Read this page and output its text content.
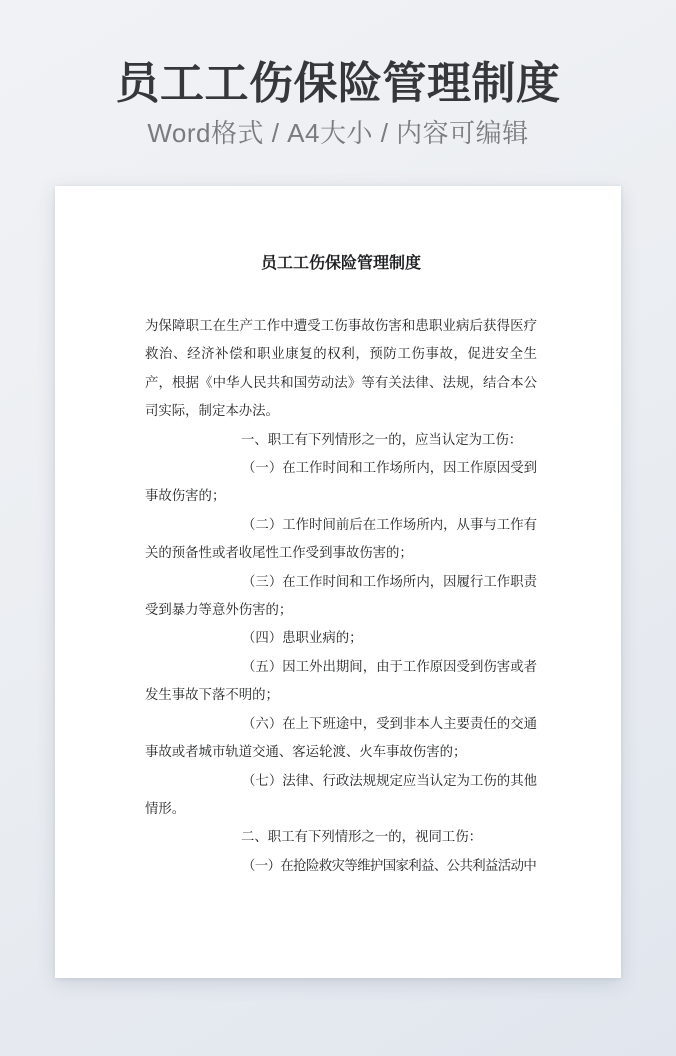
员工工伤保险管理制度
Word格式 / A4大小 / 内容可编辑
员工工伤保险管理制度

为保障职工在生产工作中遭受工伤事故伤害和患职业病后获得医疗救治、经济补偿和职业康复的权利，预防工伤事故，促进安全生产，根据《中华人民共和国劳动法》等有关法律、法规，结合本公司实际，制定本办法。

一、职工有下列情形之一的，应当认定为工伤：

（一）在工作时间和工作场所内，因工作原因受到事故伤害的；

（二）工作时间前后在工作场所内，从事与工作有关的预备性或者收尾性工作受到事故伤害的；

（三）在工作时间和工作场所内，因履行工作职责受到暴力等意外伤害的；

（四）患职业病的；

（五）因工外出期间，由于工作原因受到伤害或者发生事故下落不明的；

（六）在上下班途中，受到非本人主要责任的交通事故或者城市轨道交通、客运轮渡、火车事故伤害的；

（七）法律、行政法规规定应当认定为工伤的其他情形。

二、职工有下列情形之一的，视同工伤：

（一）在抢险救灾等维护国家利益、公共利益活动中
